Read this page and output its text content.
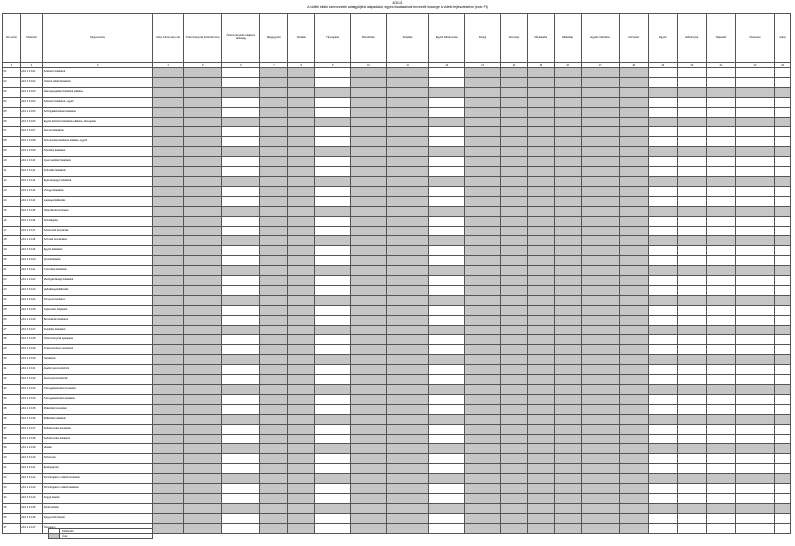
4/3/1/1
A vidéki ellátó szervezetek adatgyűjtési alapadatai, egyes kiadásainak tervezett összege a vidéki fejlesztésekre (ezer Ft)
Sor-szám	Kódszám	Megnevezés	Helyi önkormány-zat	Önkormányzati közintézmény	Önkormányzati tulajdonú társaság	Megjegyzés	Tartalék	Támogatás	Beruházás	Felújítás	Egyéb felhalmozás	Dologi	Személyi	Munkaadói	Ellátottak	Egyéb működési	Közvetett	Egyéb	Előirányzat	Teljesítés	Összesen	Arány
1	2	3	4	5	6	7	8	9	10	11	12	13	14	15	16	17	18	19	20	21	22	23
01	A10 1 0 101	Kötelező feladatok																				
02	A10 1 0 102	Önként vállalt feladatok																				
03	A10 1 0 103	Államigazgatási feladatok ellátása																				
04	A10 1 0 104	Kötelező feladatok, egyéb																				
05	A10 1 0 105	Közfoglalkoztatási feladatok																				
06	A10 1 0 106	Egyéb kötelező feladatok ellátása, támogatás																				
07	A10 1 0 107	Kiemelt feladatok																				
08	A10 1 0 108	Köznevelési feladatok ellátása, egyéb																				
09	A10 1 0 109	Szociális feladatok																				
10	A10 1 0 110	Gyermekjóléti feladatok																				
11	A10 1 0 111	Kulturális feladatok																				
12	A10 1 0 112	Egészségügyi feladatok																				
13	A10 1 0 113	Vízügyi feladatok																				
14	A10 1 0 114	Lakásgazdálkodás																				
15	A10 1 0 115	Településüzemeltetés																				
16	A10 1 0 116	Közvilágítás																				
17	A10 1 0 117	Köztemető fenntartás																				
18	A10 1 0 118	Közutak fenntartása																				
19	A10 1 0 119	Egyéb feladatok																				
20	A10 1 0 120	Sportfeladatok																				
21	A10 1 0 121	Turisztikai feladatok																				
22	A10 1 0 122	Mezőgazdasági feladatok																				
23	A10 1 0 123	Hulladékgazdálkodás																				
24	A10 1 0 124	Környezetvédelem																				
25	A10 1 0 125	Fejlesztési feladatok																				
26	A10 1 0 126	Beruházási feladatok																				
27	A10 1 0 127	Felújítási feladatok																				
28	A10 1 0 128	Önkormányzati igazgatás																				
29	A10 1 0 129	Finanszírozási műveletek																				
30	A10 1 0 130	Tartalékok																				
31	A10 1 0 131	Átadott pénzeszközök																				
32	A10 1 0 132	Átvett pénzeszközök																				
33	A10 1 0 133	Támogatásértékű bevételek																				
34	A10 1 0 134	Támogatásértékű kiadások																				
35	A10 1 0 135	Működési bevételek																				
36	A10 1 0 136	Működési kiadások																				
37	A10 1 0 137	Felhalmozási bevételek																				
38	A10 1 0 138	Felhalmozási kiadások																				
39	A10 1 0 139	Hitelek																				
40	A10 1 0 140	Kötvények																				
41	A10 1 0 141	Értékpapírok																				
42	A10 1 0 142	Pénzforgalom nélküli bevételek																				
43	A10 1 0 143	Pénzforgalom nélküli kiadások																				
44	A10 1 0 144	Függő tételek																				
45	A10 1 0 145	Átfutó tételek																				
46	A10 1 0 146	Kiegyenlítő tételek																				
47	A10 1 0 147	Összesen																				
	Kitöltendő
	Üres
